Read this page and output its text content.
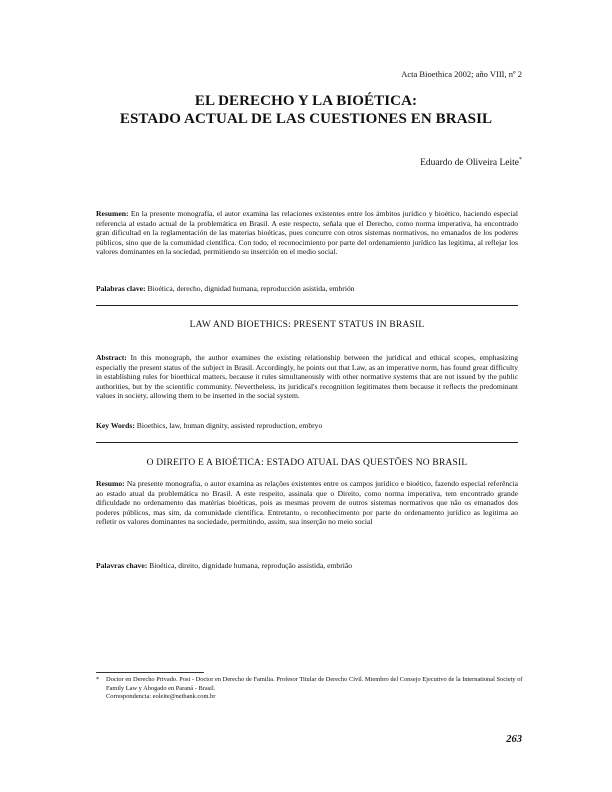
Acta Bioethica 2002; año VIII, nº 2
EL DERECHO Y LA BIOÉTICA:
ESTADO ACTUAL DE LAS CUESTIONES EN BRASIL
Eduardo de Oliveira Leite*
Resumen: En la presente monografía, el autor examina las relaciones existentes entre los ámbitos jurídico y bioético, haciendo especial referencia al estado actual de la problemática en Brasil. A este respecto, señala que el Derecho, como norma imperativa, ha encontrado gran dificultad en la reglamentación de las materias bioéticas, pues concurre con otros sistemas normativos, no emanados de los poderes públicos, sino que de la comunidad científica. Con todo, el reconocimiento por parte del ordenamiento jurídico las legitima, al reflejar los valores dominantes en la sociedad, permitiendo su inserción en el medio social.
Palabras clave: Bioética, derecho, dignidad humana, reproducción asistida, embrión
LAW AND BIOETHICS: PRESENT STATUS IN BRASIL
Abstract: In this monograph, the author examines the existing relationship between the juridical and ethical scopes, emphasizing especially the present status of the subject in Brasil. Accordingly, he points out that Law, as an imperative norm, has found great difficulty in establishing rules for bioethical matters, because it rules simultaneously with other normative systems that are not issued by the public authorities, but by the scientific community. Nevertheless, its juridical's recognition legitimates them because it reflects the predominant values in society, allowing them to be inserted in the social system.
Key Words: Bioethics, law, human dignity, assisted reproduction, embryo
O DIREITO E A BIOÉTICA: ESTADO ATUAL DAS QUESTÕES NO BRASIL
Resumo: Na presente monografia, o autor examina as relações existentes entre os campos jurídico e bioético, fazendo especial referência ao estado atual da problemática no Brasil. A este respeito, assinala que o Direito, como norma imperativa, tem encontrado grande dificuldade no ordenamento das matérias bioéticas, pois as mesmas provem de outros sistemas normativos que não os emanados dos poderes públicos, mas sim, da comunidade científica. Entretanto, o reconhecimento por parte do ordenamento jurídico as legitima ao refletir os valores dominantes na sociedade, permitindo, assim, sua inserção no meio social
Palavras chave: Bioética, direito, dignidade humana, reprodução assistida, embrião
* Doctor en Derecho Privado. Post - Doctor en Derecho de Familia. Profesor Titular de Derecho Civil. Miembro del Consejo Ejecutivo de la International Society of Family Law y Abogado en Paraná - Brasil.
Correspondencia: eoleite@netbank.com.br
263
